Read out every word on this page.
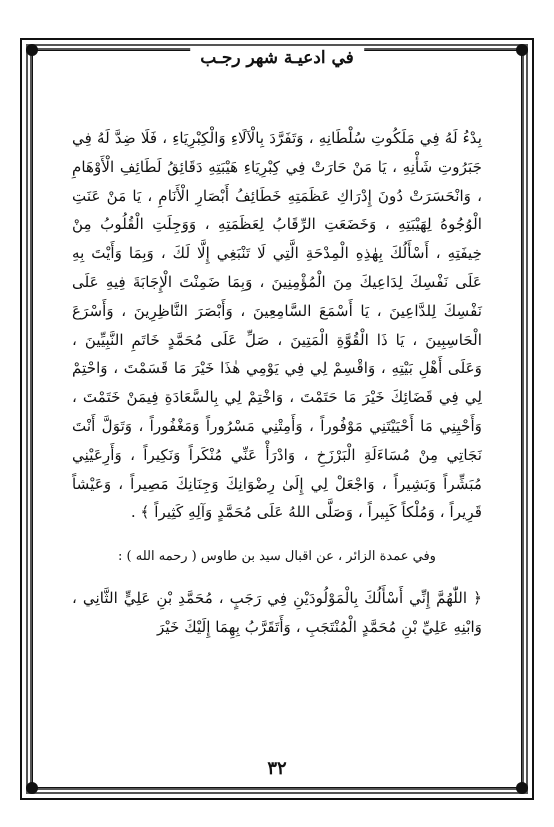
في ادعيـة شهر رجـب

بِدْءُ لَهُ فِي مَلَكُوتِ سُلْطَانِهِ ، وَتَفَرَّدَ بِالْآلَاءِ وَالْكِبْرِيَاءِ ، فَلَا ضِدَّ لَهُ فِي جَبَرُوتِ شَأْنِهِ ، يَا مَنْ حَارَتْ فِي كِبْرِيَاءِ هَيْبَتِهِ دَقَائِقُ لَطَائِفِ الْأَوْهَامِ ، وَانْحَسَرَتْ دُونَ إِدْرَاكِ عَظَمَتِهِ خَطَائِفُ أَبْصَارِ الْأَنَامِ ، يَا مَنْ عَنَتِ الْوُجُوهُ لِهَيْبَتِهِ ، وَخَضَعَتِ الرِّقَابُ لِعَظَمَتِهِ ، وَوَجِلَتِ الْقُلُوبُ مِنْ خِيفَتِهِ ، أَسْأَلُكَ بِهٰذِهِ الْمِدْحَةِ الَّتِي لَا تَنْبَغِي إِلَّا لَكَ ، وَبِمَا وَأَيْتَ بِهِ عَلَى نَفْسِكَ لِدَاعِيكَ مِنَ الْمُؤْمِنِينَ ، وَبِمَا ضَمِنْتَ الْإِجَابَةَ فِيهِ عَلَى نَفْسِكَ لِلدَّاعِينَ ، يَا أَسْمَعَ السَّامِعِينَ ، وَأَبْصَرَ النَّاظِرِينَ ، وَأَسْرَعَ الْحَاسِبِينَ ، يَا ذَا الْقُوَّةِ الْمَتِينَ ، صَلِّ عَلَى مُحَمَّدٍ خَاتَمِ النَّبِيِّينَ ، وَعَلَى أَهْلِ بَيْتِهِ ، وَاقْسِمْ لِي فِي يَوْمِي هٰذَا خَيْرَ مَا قَسَمْتَ ، وَاحْتِمْ لِي فِي قَضَائِكَ خَيْرَ مَا حَتَمْتَ ، وَاخْتِمْ لِي بِالسَّعَادَةِ فِيمَنْ خَتَمْتَ ، وَأَحْيِنِي مَا أَحْيَيْتَنِي مَوْفُوراً ، وَأَمِتْنِي مَسْرُوراً وَمَغْفُوراً ، وَتَوَلَّ أَنْتَ نَجَاتِي مِنْ مُسَاءَلَةِ الْبَرْزَخِ ، وَادْرَأْ عَنِّي مُنْكَراً وَنَكِيراً ، وَأَرِعَيْنِي مُبَشِّراً وَبَشِيراً ، وَاجْعَلْ لِي إِلَىٰ رِضْوَانِكَ وَجِنَانِكَ مَصِيراً ، وَعَيْشاً قَرِيراً ، وَمُلْكاً كَبِيراً ، وَصَلَّى اللهُ عَلَى مُحَمَّدٍ وَآلِهِ كَثِيراً ﴾ .

وفي عمدة الزائر ، عن اقبال سيد بن طاوس ( رحمه الله ) :

﴿ اللّٰهُمَّ إِنِّي أَسْأَلُكَ بِالْمَوْلُودَيْنِ فِي رَجَبٍ ، مُحَمَّدِ بْنِ عَلِيٍّ الثَّانِي ، وَابْنِهِ عَلِيِّ بْنِ مُحَمَّدٍ الْمُنْتَجَبِ ، وَأَتَقَرَّبُ بِهِمَا إِلَيْكَ خَيْرَ

٣٢
